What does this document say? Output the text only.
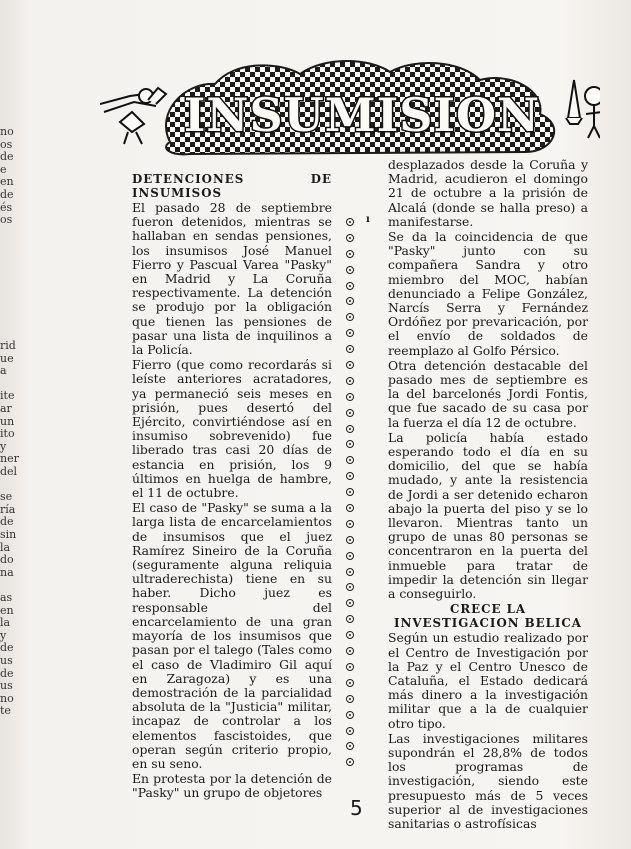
no
os
de
e
en
de
és
os

rid
ue
a

ite
ar
un
ito
y
ner
del

se
ría
de
sin
la
do
na

as
en
la
y
de
us
de
us
no
te
INSUMISION

DETENCIONES DE INSUMISOS

El pasado 28 de septiembre fueron detenidos, mientras se hallaban en sendas pensiones, los insumisos José Manuel Fierro y Pascual Varea "Pasky" en Madrid y La Coruña respectivamente. La detención se produjo por la obligación que tienen las pensiones de pasar una lista de inquilinos a la Policía.

Fierro (que como recordarás si leíste anteriores acratadores, ya permaneció seis meses en prisión, pues desertó del Ejército, convirtiéndose así en insumiso sobrevenido) fue liberado tras casi 20 días de estancia en prisión, los 9 últimos en huelga de hambre, el 11 de octubre.

El caso de "Pasky" se suma a la larga lista de encarcelamientos de insumisos que el juez Ramírez Sineiro de la Coruña (seguramente alguna reliquia ultraderechista) tiene en su haber. Dicho juez es responsable del encarcelamiento de una gran mayoría de los insumisos que pasan por el talego (Tales como el caso de Vladimiro Gil aquí en Zaragoza) y es una demostración de la parcialidad absoluta de la "Justicia" militar, incapaz de controlar a los elementos fascistoides, que operan según criterio propio, en su seno.

En protesta por la detención de "Pasky" un grupo de objetores

ı

desplazados desde la Coruña y Madrid, acudieron el domingo 21 de octubre a la prisión de Alcalá (donde se halla preso) a manifestarse.

Se da la coincidencia de que "Pasky" junto con su compañera Sandra y otro miembro del MOC, habían denunciado a Felipe González, Narcís Serra y Fernández Ordóñez por prevaricación, por el envío de soldados de reemplazo al Golfo Pérsico.

Otra detención destacable del pasado mes de septiembre es la del barcelonés Jordi Fontis, que fue sacado de su casa por la fuerza el día 12 de octubre.

La policía había estado esperando todo el día en su domicilio, del que se había mudado, y ante la resistencia de Jordi a ser detenido echaron abajo la puerta del piso y se lo llevaron. Mientras tanto un grupo de unas 80 personas se concentraron en la puerta del inmueble para tratar de impedir la detención sin llegar a conseguirlo.

CRECE LA INVESTIGACION BELICA

Según un estudio realizado por el Centro de Investigación por la Paz y el Centro Unesco de Cataluña, el Estado dedicará más dinero a la investigación militar que a la de cualquier otro tipo.

Las investigaciones militares supondrán el 28,8% de todos los programas de investigación, siendo este presupuesto más de 5 veces superior al de investigaciones sanitarias o astrofísicas

5
